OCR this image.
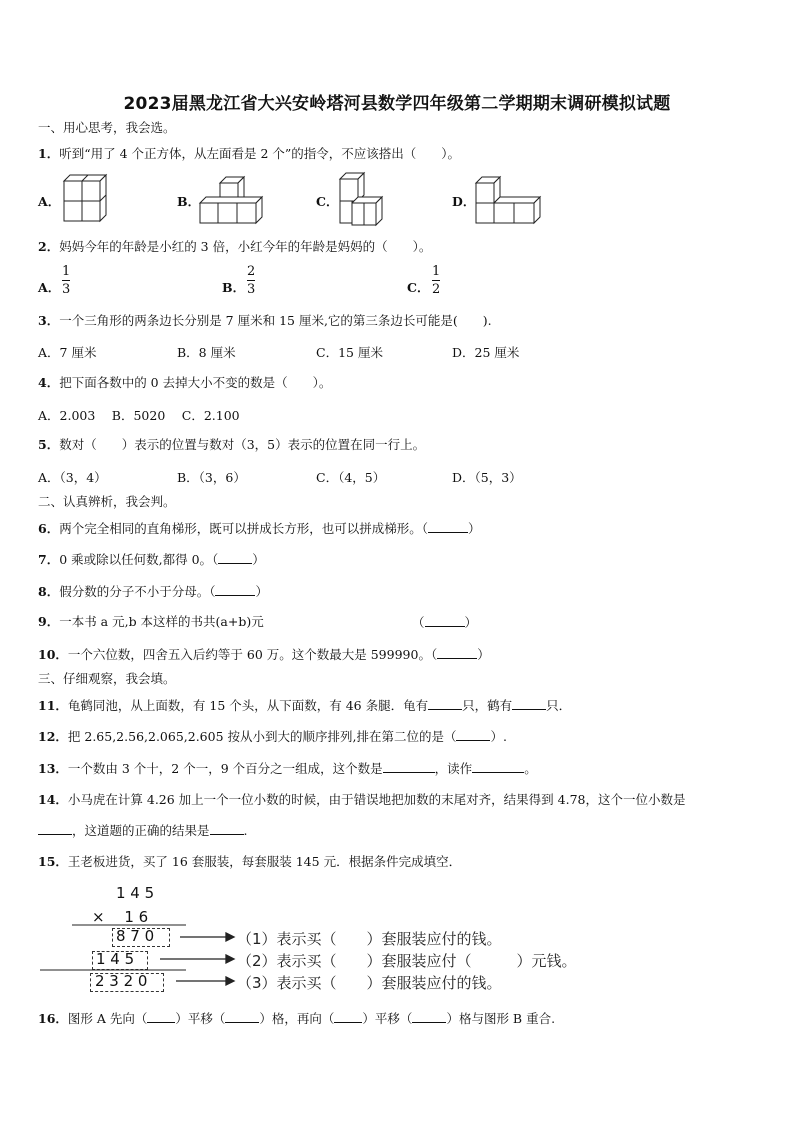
2023届黑龙江省大兴安岭塔河县数学四年级第二学期期末调研模拟试题
一、用心思考，我会选。
1．听到“用了 4 个正方体，从左面看是 2 个”的指令，不应该搭出（　　）。
A．	B．	C．	D．
2．妈妈今年的年龄是小红的 3 倍，小红今年的年龄是妈妈的（　　）。
A．
1
3	B．
2
3	C．
1
2
3．一个三角形的两条边长分别是 7 厘米和 15 厘米,它的第三条边长可能是(　　).
A．7 厘米	B．8 厘米	C．15 厘米	D．25 厘米
4．把下面各数中的 0 去掉大小不变的数是（　　）。
A．2.003　 B．5020　 C．2.100
5．数对（　　）表示的位置与数对（3，5）表示的位置在同一行上。
A．（3，4）	B．（3，6）	C．（4，5）	D．（5，3）
二、认真辨析，我会判。
6．两个完全相同的直角梯形，既可以拼成长方形，也可以拼成梯形。（	）
7．0 乘或除以任何数,都得 0。（	）
8．假分数的分子不小于分母。（	）
9．一本书 a 元,b 本这样的书共(a+b)元	（	）
10．一个六位数，四舍五入后约等于 60 万。这个数最大是 599990。（	）
三、仔细观察，我会填。
11．龟鹤同池，从上面数，有 15 个头，从下面数，有 46 条腿．龟有	只，鹤有	只．
12．把 2.65,2.56,2.065,2.605 按从小到大的顺序排列,排在第二位的是（	）.
13．一个数由 3 个十，2 个一，9 个百分之一组成，这个数是	，读作	。
14．小马虎在计算 4.26 加上一个一位小数的时候，由于错误地把加数的末尾对齐，结果得到 4.78，这个一位小数是
，这道题的正确的结果是	.
15．王老板进货，买了 16 套服装，每套服装 145 元．根据条件完成填空．
1 4 5
×　 1 6
8 7 0
1 4 5
2 3 2 0
（1）表示买（　　）套服装应付的钱。
（2）表示买（　　）套服装应付（　　　）元钱。
（3）表示买（　　）套服装应付的钱。
16．图形 A 先向（ ）平移（	）格，再向（ ）平移（	）格与图形 B 重合.
